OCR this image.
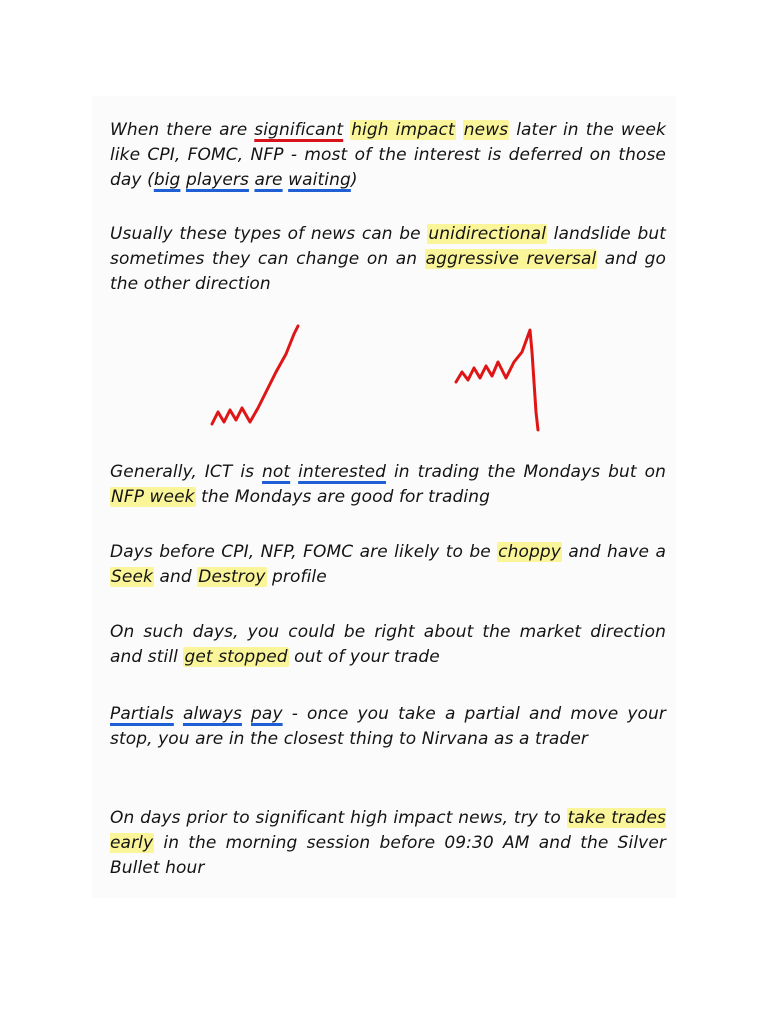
When there are significant high impact news later in the week like CPI, FOMC, NFP - most of the interest is deferred on those day (big players are waiting)
Usually these types of news can be unidirectional landslide but sometimes they can change on an aggressive reversal and go the other direction
Generally, ICT is not interested in trading the Mondays but on NFP week the Mondays are good for trading
Days before CPI, NFP, FOMC are likely to be choppy and have a Seek and Destroy profile
On such days, you could be right about the market direction and still get stopped out of your trade
Partials always pay - once you take a partial and move your stop, you are in the closest thing to Nirvana as a trader
On days prior to significant high impact news, try to take trades early in the morning session before 09:30 AM and the Silver Bullet hour
